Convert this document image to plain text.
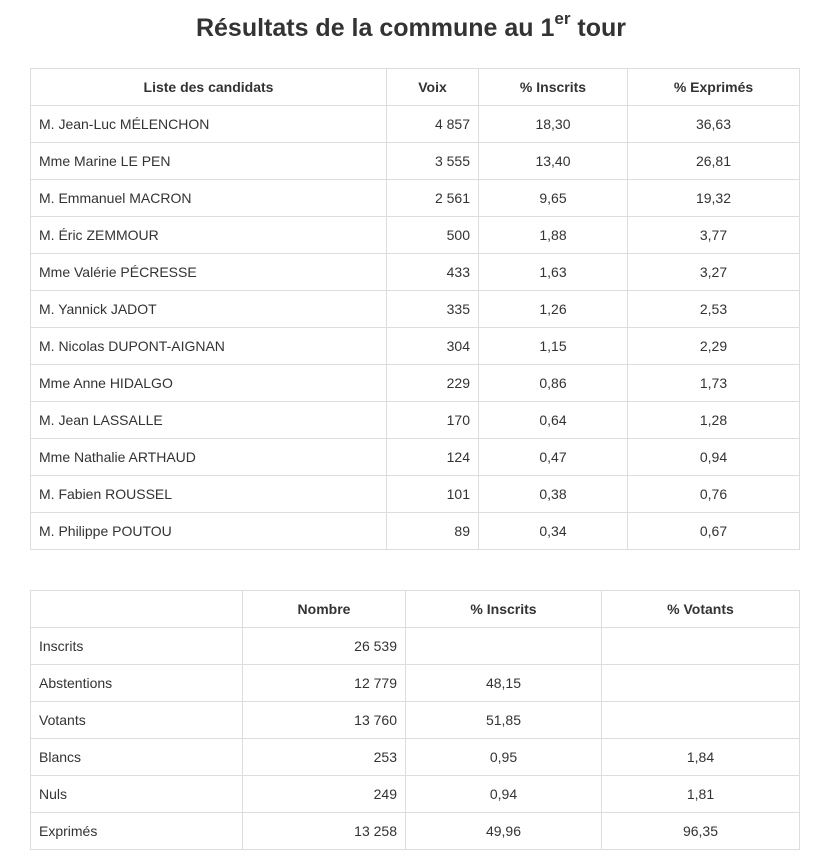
Résultats de la commune au 1er tour
Liste des candidats	Voix	% Inscrits	% Exprimés
M. Jean-Luc MÉLENCHON	4 857	18,30	36,63
Mme Marine LE PEN	3 555	13,40	26,81
M. Emmanuel MACRON	2 561	9,65	19,32
M. Éric ZEMMOUR	500	1,88	3,77
Mme Valérie PÉCRESSE	433	1,63	3,27
M. Yannick JADOT	335	1,26	2,53
M. Nicolas DUPONT-AIGNAN	304	1,15	2,29
Mme Anne HIDALGO	229	0,86	1,73
M. Jean LASSALLE	170	0,64	1,28
Mme Nathalie ARTHAUD	124	0,47	0,94
M. Fabien ROUSSEL	101	0,38	0,76
M. Philippe POUTOU	89	0,34	0,67
	Nombre	% Inscrits	% Votants
Inscrits	26 539		
Abstentions	12 779	48,15	
Votants	13 760	51,85	
Blancs	253	0,95	1,84
Nuls	249	0,94	1,81
Exprimés	13 258	49,96	96,35
